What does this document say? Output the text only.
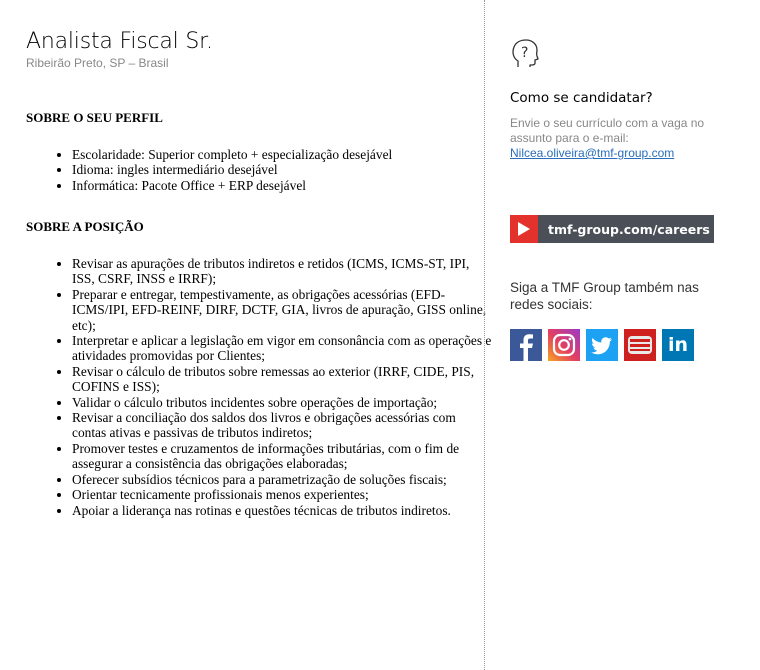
Analista Fiscal Sr.
Ribeirão Preto, SP – Brasil
SOBRE O SEU PERFIL
• Escolaridade: Superior completo + especialização desejável
• Idioma: ingles intermediário desejável
• Informática: Pacote Office + ERP desejável
SOBRE A POSIÇÃO
• Revisar as apurações de tributos indiretos e retidos (ICMS, ICMS-ST, IPI, ISS, CSRF, INSS e IRRF);
• Preparar e entregar, tempestivamente, as obrigações acessórias (EFD-ICMS/IPI, EFD-REINF, DIRF, DCTF, GIA, livros de apuração, GISS online, etc);
• Interpretar e aplicar a legislação em vigor em consonância com as operações e atividades promovidas por Clientes;
• Revisar o cálculo de tributos sobre remessas ao exterior (IRRF, CIDE, PIS, COFINS e ISS);
• Validar o cálculo tributos incidentes sobre operações de importação;
• Revisar a conciliação dos saldos dos livros e obrigações acessórias com contas ativas e passivas de tributos indiretos;
• Promover testes e cruzamentos de informações tributárias, com o fim de assegurar a consistência das obrigações elaboradas;
• Oferecer subsídios técnicos para a parametrização de soluções fiscais;
• Orientar tecnicamente profissionais menos experientes;
• Apoiar a liderança nas rotinas e questões técnicas de tributos indiretos.
?
Como se candidatar?
Envie o seu currículo com a vaga no assunto para o e-mail:
Nilcea.oliveira@tmf-group.com
tmf-group.com/careers
Siga a TMF Group também nas redes sociais:
in
